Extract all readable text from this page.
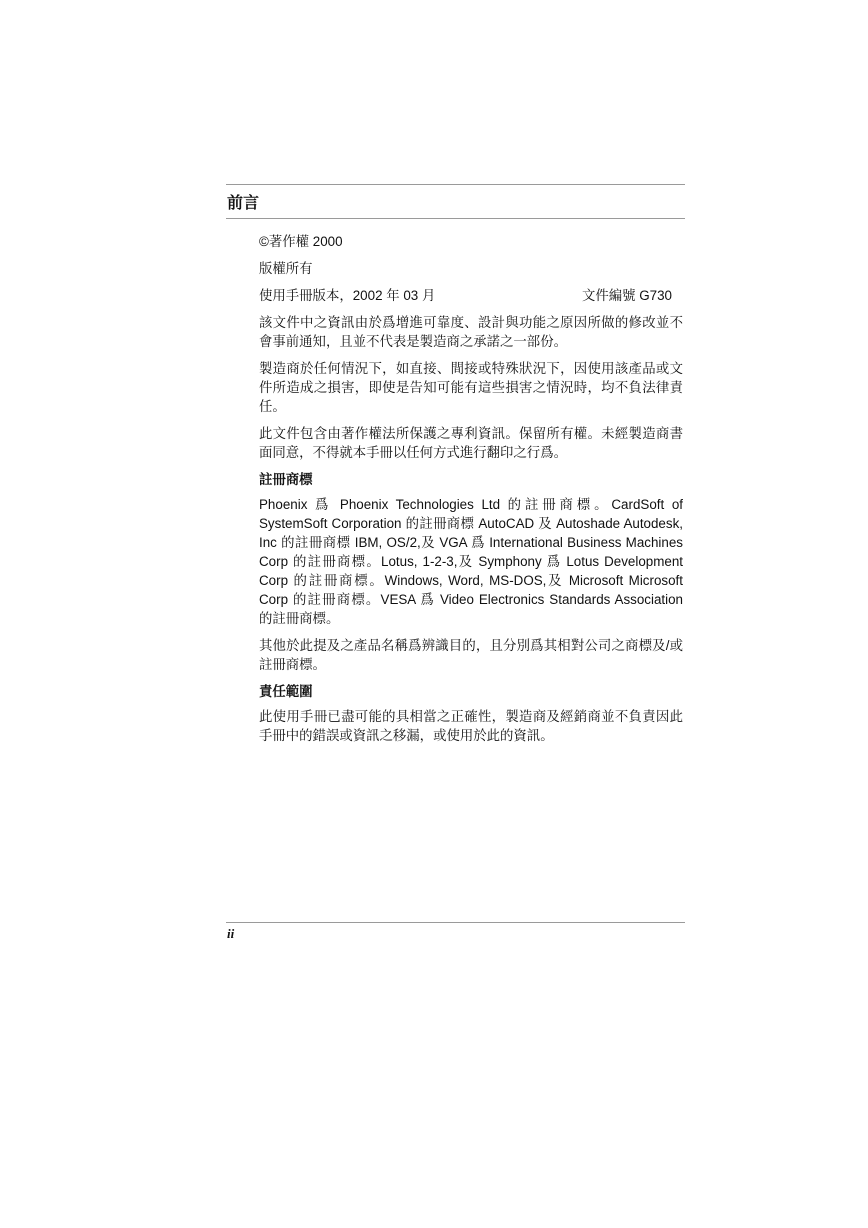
前言

©著作權 2000

版權所有

使用手冊版本，2002 年 03 月	文件編號 G730

該文件中之資訊由於爲增進可靠度、設計與功能之原因所做的修改並不會事前通知，且並不代表是製造商之承諾之一部份。

製造商於任何情況下，如直接、間接或特殊狀況下，因使用該產品或文件所造成之損害，即使是告知可能有這些損害之情況時，均不負法律責任。

此文件包含由著作權法所保護之專利資訊。保留所有權。未經製造商書面同意，不得就本手冊以任何方式進行翻印之行爲。

註冊商標

Phoenix 爲 Phoenix Technologies Ltd 的註冊商標。CardSoft of SystemSoft Corporation 的註冊商標 AutoCAD 及 Autoshade Autodesk, Inc 的註冊商標 IBM, OS/2,及 VGA 爲 International Business Machines Corp 的註冊商標。Lotus, 1-2-3,及 Symphony 爲 Lotus Development Corp 的註冊商標。Windows, Word, MS-DOS,及 Microsoft Microsoft Corp 的註冊商標。VESA 爲 Video Electronics Standards Association 的註冊商標。

其他於此提及之產品名稱爲辨識目的，且分別爲其相對公司之商標及/或註冊商標。

責任範圍

此使用手冊已盡可能的具相當之正確性，製造商及經銷商並不負責因此手冊中的錯誤或資訊之移漏，或使用於此的資訊。

ii
